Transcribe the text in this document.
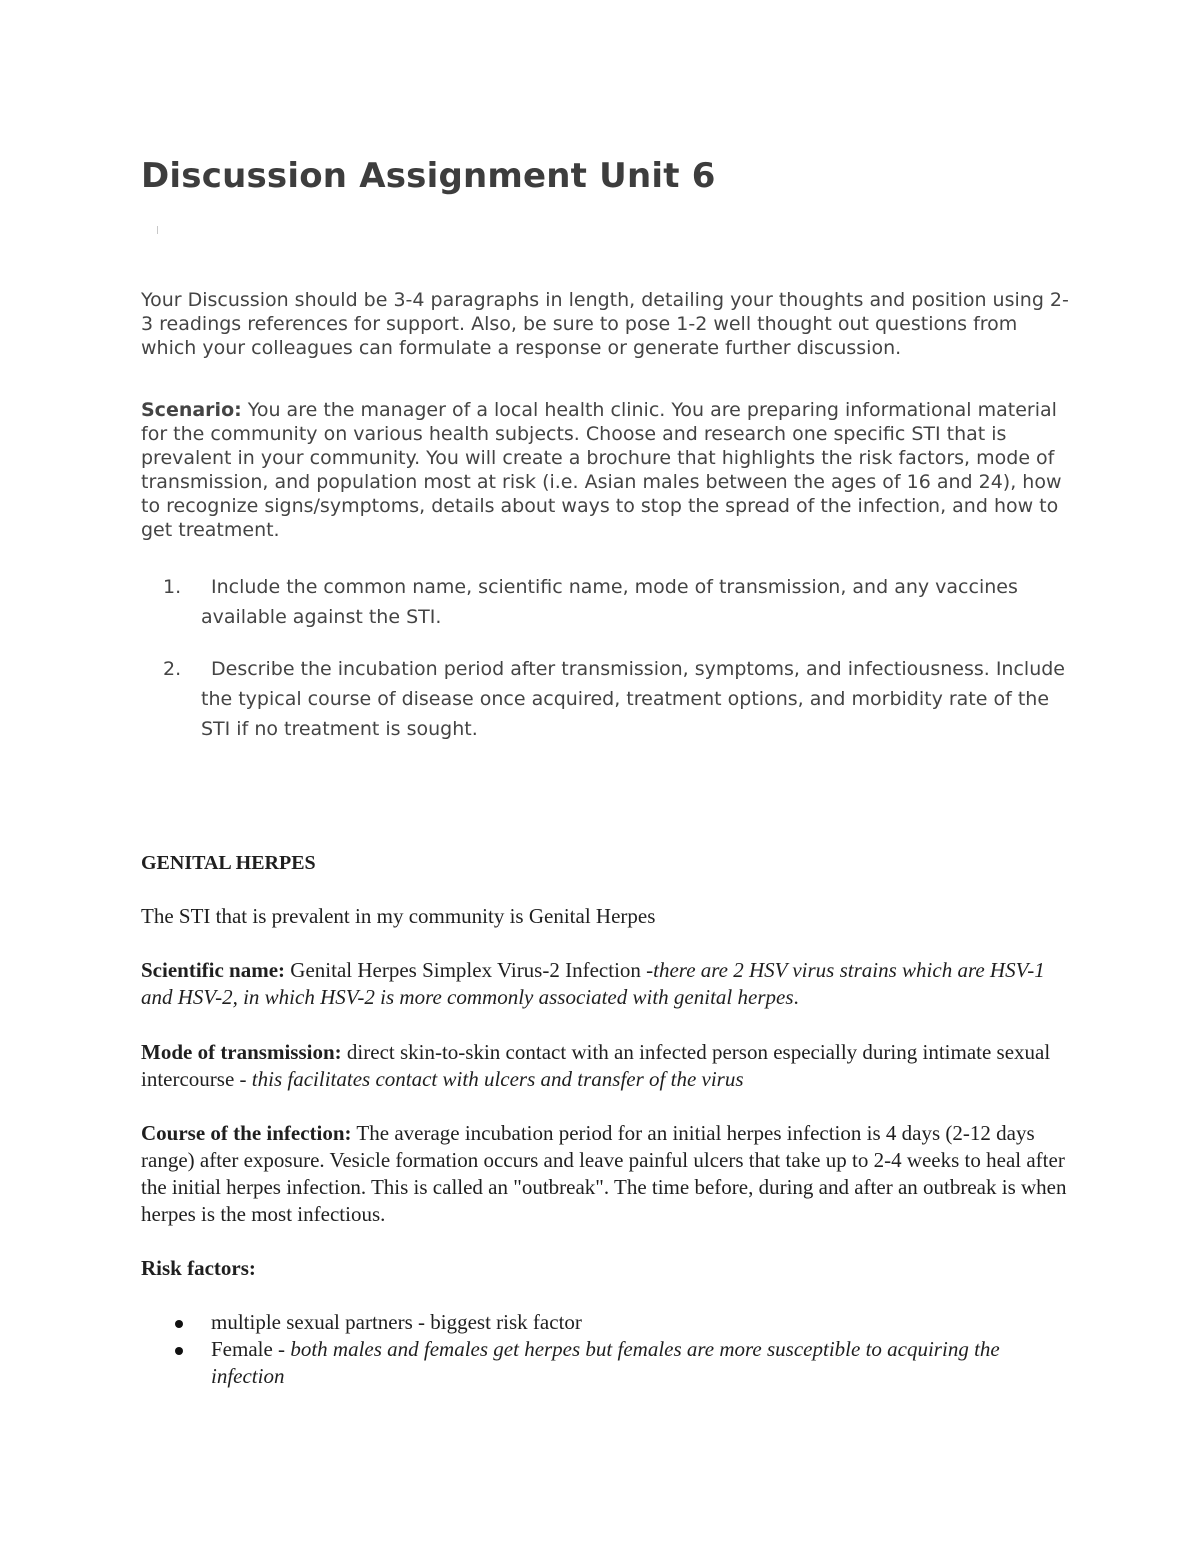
Discussion Assignment Unit 6

Your Discussion should be 3-4 paragraphs in length, detailing your thoughts and position using 2-3 readings references for support. Also, be sure to pose 1-2 well thought out questions from which your colleagues can formulate a response or generate further discussion.

Scenario: You are the manager of a local health clinic. You are preparing informational material for the community on various health subjects. Choose and research one specific STI that is prevalent in your community. You will create a brochure that highlights the risk factors, mode of transmission, and population most at risk (i.e. Asian males between the ages of 16 and 24), how to recognize signs/symptoms, details about ways to stop the spread of the infection, and how to get treatment.

1.	Include the common name, scientific name, mode of transmission, and any vaccines available against the STI.
2.	Describe the incubation period after transmission, symptoms, and infectiousness. Include the typical course of disease once acquired, treatment options, and morbidity rate of the STI if no treatment is sought.

GENITAL HERPES

The STI that is prevalent in my community is Genital Herpes

Scientific name: Genital Herpes Simplex Virus-2 Infection -there are 2 HSV virus strains which are HSV-1 and HSV-2, in which HSV-2 is more commonly associated with genital herpes.

Mode of transmission: direct skin-to-skin contact with an infected person especially during intimate sexual intercourse - this facilitates contact with ulcers and transfer of the virus

Course of the infection: The average incubation period for an initial herpes infection is 4 days (2-12 days range) after exposure. Vesicle formation occurs and leave painful ulcers that take up to 2-4 weeks to heal after the initial herpes infection. This is called an "outbreak". The time before, during and after an outbreak is when herpes is the most infectious.

Risk factors:

multiple sexual partners - biggest risk factor
Female - both males and females get herpes but females are more susceptible to acquiring the infection
